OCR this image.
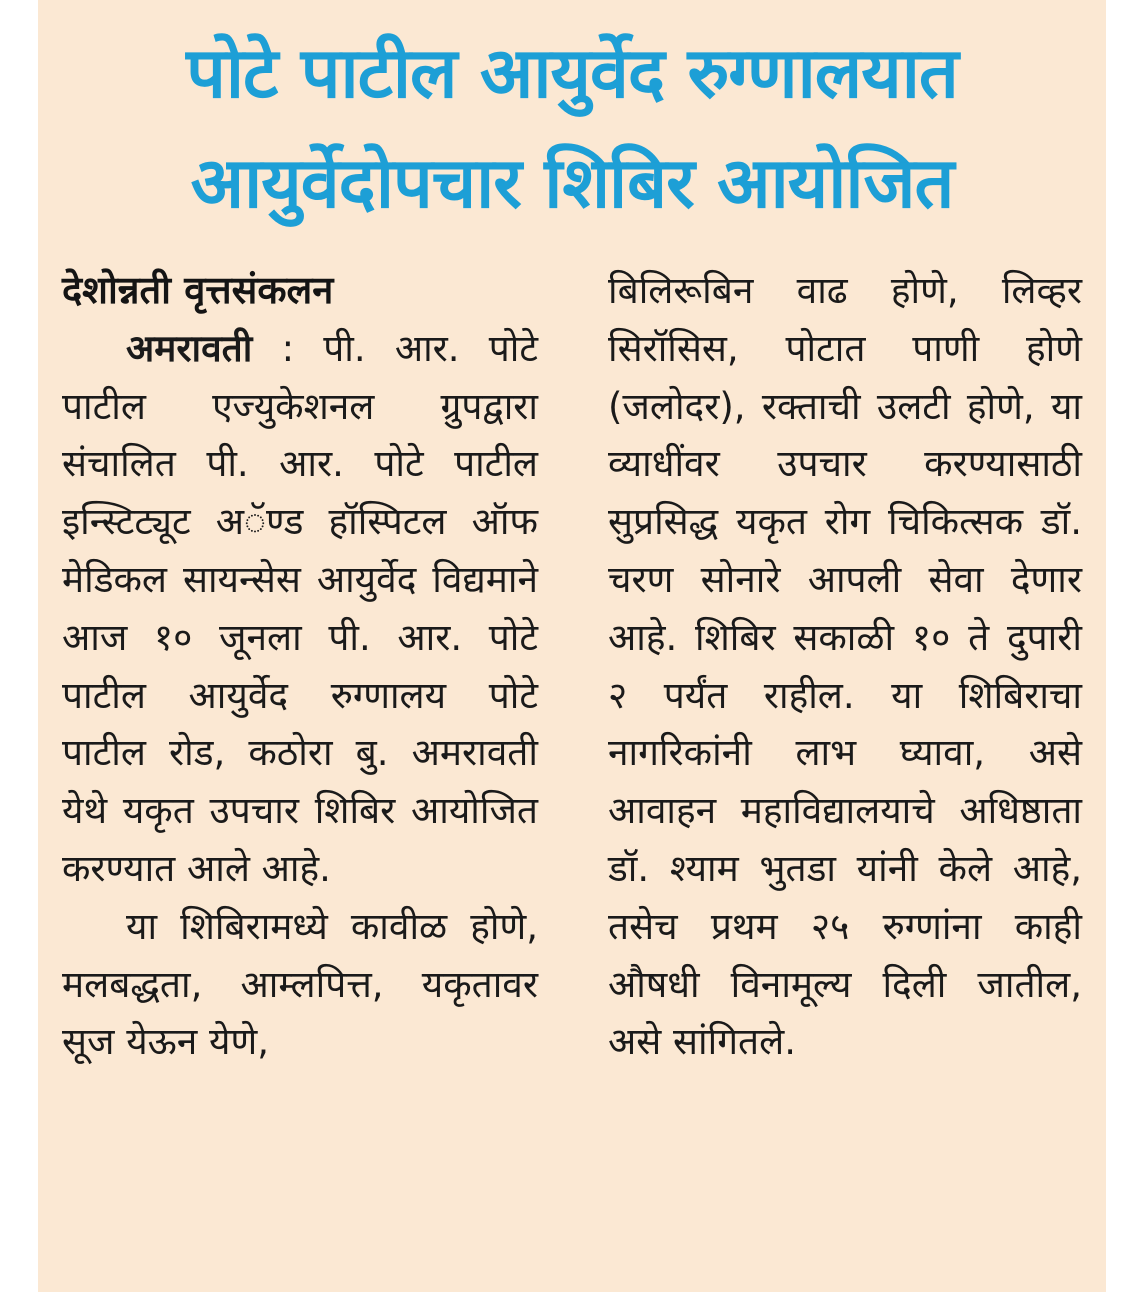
पोटे पाटील आयुर्वेद रुग्णालयात
आयुर्वेदोपचार शिबिर आयोजित

देशोन्नती वृत्तसंकलन

अमरावती : पी. आर. पोटे पाटील एज्युकेशनल ग्रुपद्वारा संचालित पी. आर. पोटे पाटील इन्स्टिट्यूट अॅण्ड हॉस्पिटल ऑफ मेडिकल सायन्सेस आयुर्वेद विद्यमाने आज १० जूनला पी. आर. पोटे पाटील आयुर्वेद रुग्णालय पोटे पाटील रोड, कठोरा बु. अमरावती येथे यकृत उपचार शिबिर आयोजित करण्यात आले आहे.

या शिबिरामध्ये कावीळ होणे, मलबद्धता, आम्लपित्त, यकृतावर सूज येऊन येणे,

बिलिरूबिन वाढ होणे, लिव्हर सिरॉसिस, पोटात पाणी होणे (जलोदर), रक्ताची उलटी होणे, या व्याधींवर उपचार करण्यासाठी सुप्रसिद्ध यकृत रोग चिकित्सक डॉ. चरण सोनारे आपली सेवा देणार आहे. शिबिर सकाळी १० ते दुपारी २ पर्यंत राहील. या शिबिराचा नागरिकांनी लाभ घ्यावा, असे आवाहन महाविद्यालयाचे अधिष्ठाता डॉ. श्याम भुतडा यांनी केले आहे, तसेच प्रथम २५ रुग्णांना काही औषधी विनामूल्य दिली जातील, असे सांगितले.
